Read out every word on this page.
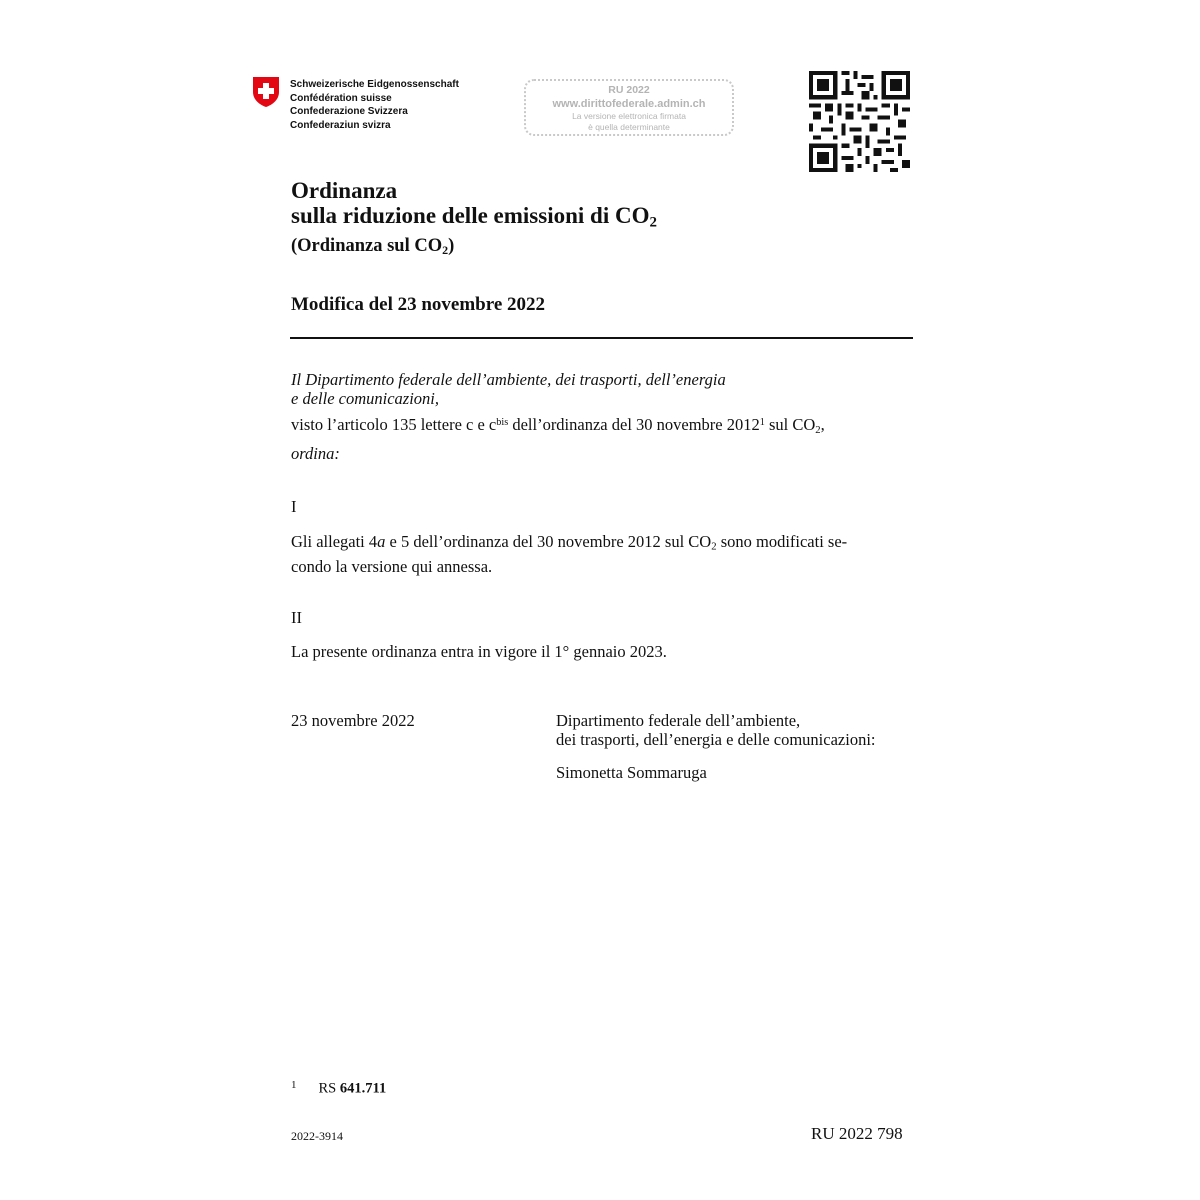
Schweizerische Eidgenossenschaft
Confédération suisse
Confederazione Svizzera
Confederaziun svizra
RU 2022
www.dirittofederale.admin.ch
La versione elettronica firmata
è quella determinante
Ordinanza
sulla riduzione delle emissioni di $CO_2$
(Ordinanza sul $CO_2$)
Modifica del 23 novembre 2022
Il Dipartimento federale dell’ambiente, dei trasporti, dell’energia
e delle comunicazioni,
visto l’articolo 135 lettere c e $c^{bis}$ dell’ordinanza del 30 novembre 2012$^1$ sul $CO_2$,
ordina:
I
Gli allegati 4a e 5 dell’ordinanza del 30 novembre 2012 sul $CO_2$ sono modificati se-
condo la versione qui annessa.
II
La presente ordinanza entra in vigore il 1° gennaio 2023.
23 novembre 2022	Dipartimento federale dell’ambiente,
dei trasporti, dell’energia e delle comunicazioni:
Simonetta Sommaruga
$^1$ RS 641.711
2022-3914	RU 2022 798
